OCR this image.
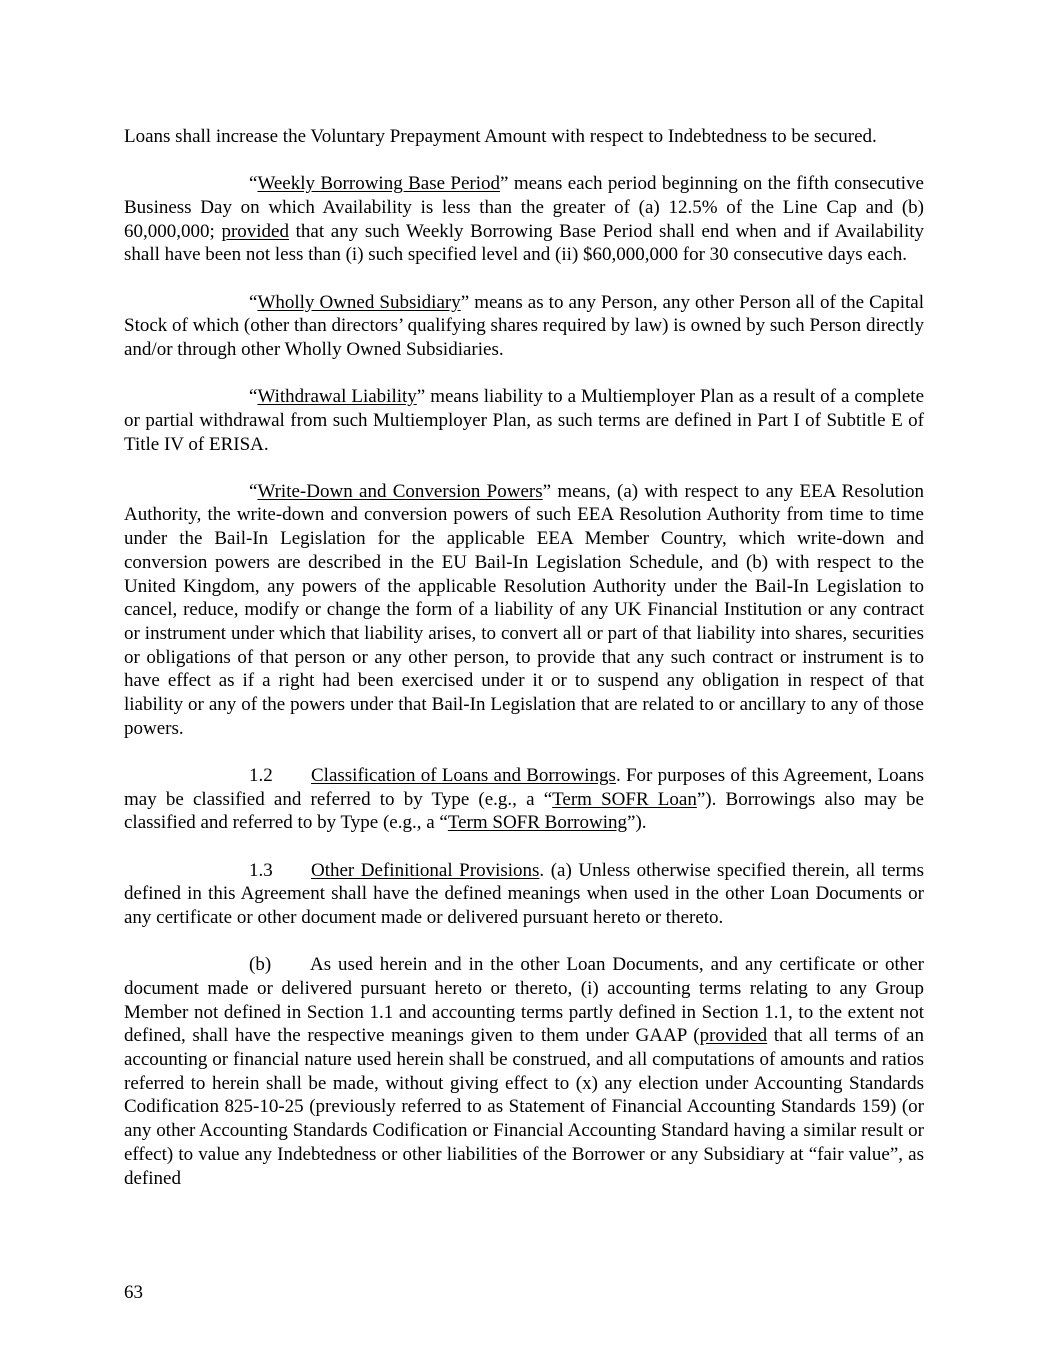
Loans shall increase the Voluntary Prepayment Amount with respect to Indebtedness to be secured.

“Weekly Borrowing Base Period” means each period beginning on the fifth consecutive Business Day on which Availability is less than the greater of (a) 12.5% of the Line Cap and (b) 60,000,000; provided that any such Weekly Borrowing Base Period shall end when and if Availability shall have been not less than (i) such specified level and (ii) $60,000,000 for 30 consecutive days each.

“Wholly Owned Subsidiary” means as to any Person, any other Person all of the Capital Stock of which (other than directors’ qualifying shares required by law) is owned by such Person directly and/or through other Wholly Owned Subsidiaries.

“Withdrawal Liability” means liability to a Multiemployer Plan as a result of a complete or partial withdrawal from such Multiemployer Plan, as such terms are defined in Part I of Subtitle E of Title IV of ERISA.

“Write-Down and Conversion Powers” means, (a) with respect to any EEA Resolution Authority, the write-down and conversion powers of such EEA Resolution Authority from time to time under the Bail-In Legislation for the applicable EEA Member Country, which write-down and conversion powers are described in the EU Bail-In Legislation Schedule, and (b) with respect to the United Kingdom, any powers of the applicable Resolution Authority under the Bail-In Legislation to cancel, reduce, modify or change the form of a liability of any UK Financial Institution or any contract or instrument under which that liability arises, to convert all or part of that liability into shares, securities or obligations of that person or any other person, to provide that any such contract or instrument is to have effect as if a right had been exercised under it or to suspend any obligation in respect of that liability or any of the powers under that Bail-In Legislation that are related to or ancillary to any of those powers.

1.2 Classification of Loans and Borrowings. For purposes of this Agreement, Loans may be classified and referred to by Type (e.g., a “Term SOFR Loan”). Borrowings also may be classified and referred to by Type (e.g., a “Term SOFR Borrowing”).

1.3 Other Definitional Provisions. (a) Unless otherwise specified therein, all terms defined in this Agreement shall have the defined meanings when used in the other Loan Documents or any certificate or other document made or delivered pursuant hereto or thereto.

(b) As used herein and in the other Loan Documents, and any certificate or other document made or delivered pursuant hereto or thereto, (i) accounting terms relating to any Group Member not defined in Section 1.1 and accounting terms partly defined in Section 1.1, to the extent not defined, shall have the respective meanings given to them under GAAP (provided that all terms of an accounting or financial nature used herein shall be construed, and all computations of amounts and ratios referred to herein shall be made, without giving effect to (x) any election under Accounting Standards Codification 825-10-25 (previously referred to as Statement of Financial Accounting Standards 159) (or any other Accounting Standards Codification or Financial Accounting Standard having a similar result or effect) to value any Indebtedness or other liabilities of the Borrower or any Subsidiary at “fair value”, as defined

63
